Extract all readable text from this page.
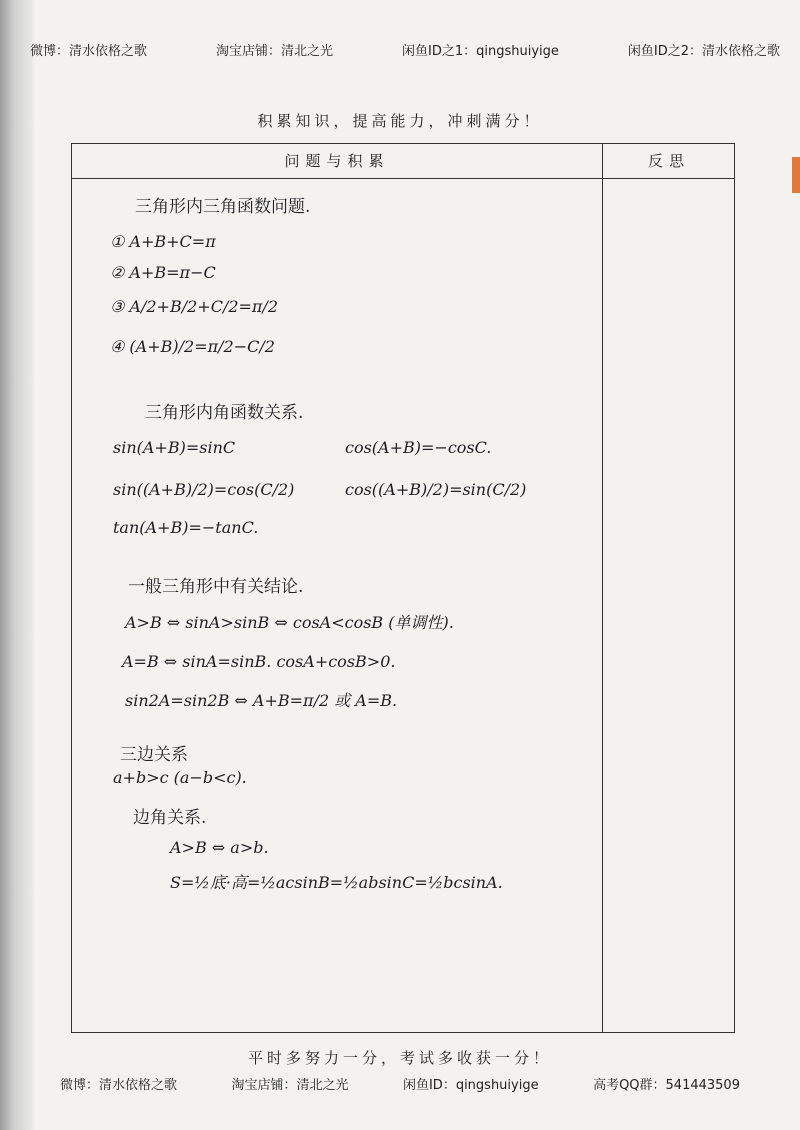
微博：清水依格之歌	淘宝店铺：清北之光	闲鱼ID之1：qingshuiyige	闲鱼ID之2：清水依格之歌
积累知识，提高能力，冲刺满分！
问题与积累	反思
三角形内三角函数问题.
① A+B+C=π
② A+B=π−C
③ A/2+B/2+C/2=π/2
④ (A+B)/2=π/2−C/2
三角形内角函数关系.
sin(A+B)=sinC	cos(A+B)=−cosC.
sin((A+B)/2)=cos(C/2)	cos((A+B)/2)=sin(C/2)
tan(A+B)=−tanC.
一般三角形中有关结论.
A>B ⇔ sinA>sinB ⇔ cosA<cosB (单调性).
A=B ⇔ sinA=sinB. cosA+cosB>0.
sin2A=sin2B ⇔ A+B=π/2 或 A=B.
三边关系
a+b>c (a−b<c).
边角关系.
A>B ⇔ a>b.
S=½底·高=½acsinB=½absinC=½bcsinA.
平时多努力一分，考试多收获一分！
微博：清水依格之歌	淘宝店铺：清北之光	闲鱼ID：qingshuiyige	高考QQ群：541443509
